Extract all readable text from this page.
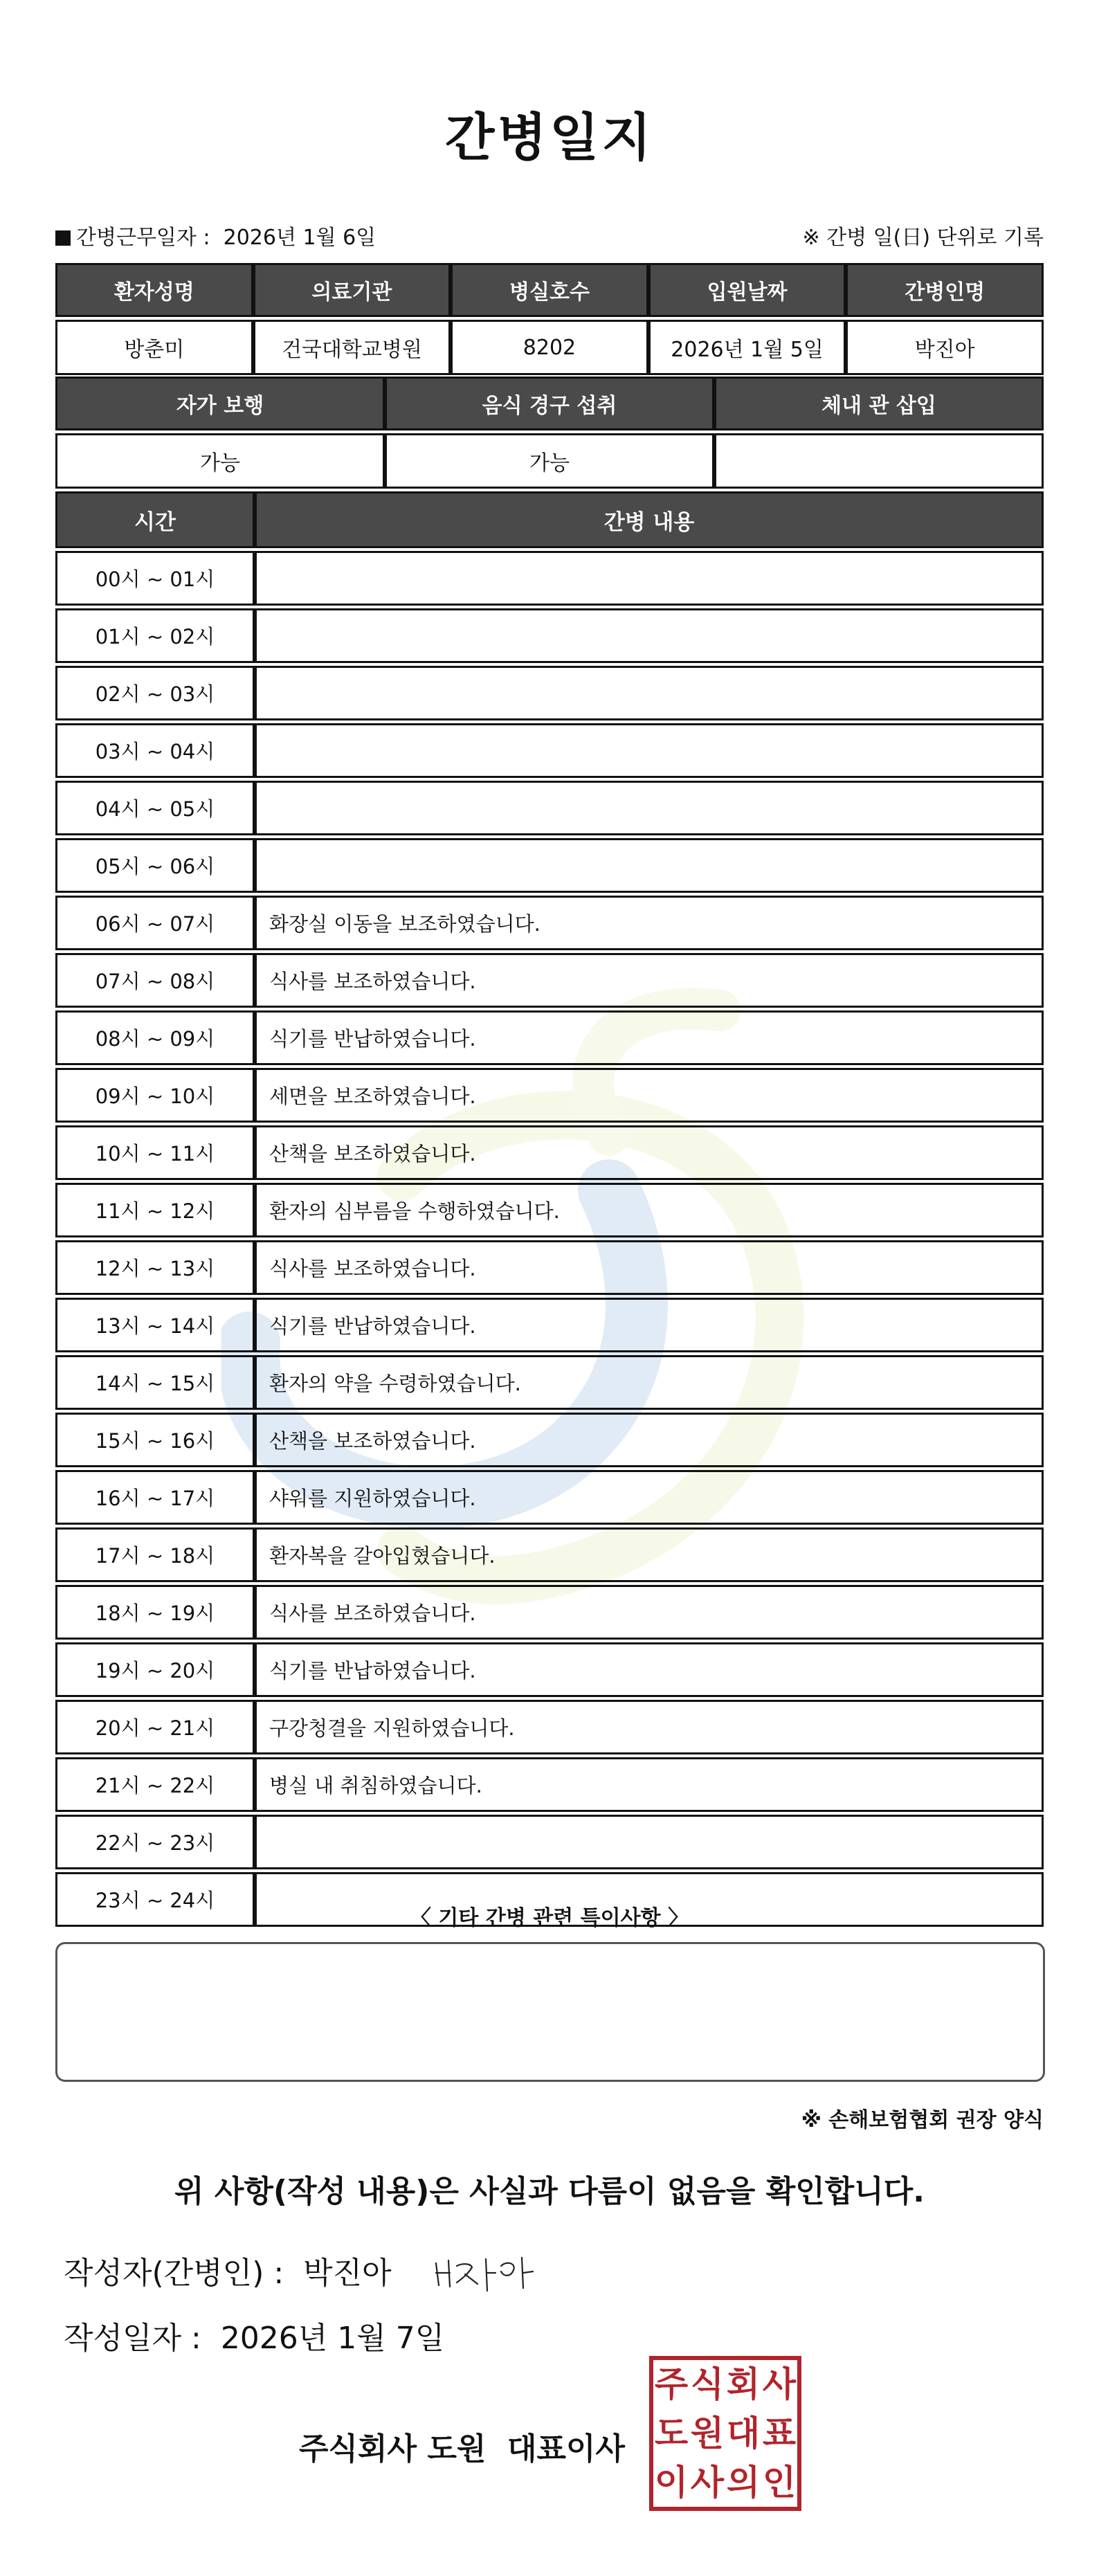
간병일지
간병근무일자 :  2026년 1월 6일	※ 간병 일(日) 단위로 기록
환자성명	의료기관	병실호수	입원날짜	간병인명
방춘미	건국대학교병원	8202	2026년 1월 5일	박진아
자가 보행	음식 경구 섭취	체내 관 삽입
가능	가능	
시간	간병 내용
00시 ~ 01시	
01시 ~ 02시	
02시 ~ 03시	
03시 ~ 04시	
04시 ~ 05시	
05시 ~ 06시	
06시 ~ 07시	화장실 이동을 보조하였습니다.
07시 ~ 08시	식사를 보조하였습니다.
08시 ~ 09시	식기를 반납하였습니다.
09시 ~ 10시	세면을 보조하였습니다.
10시 ~ 11시	산책을 보조하였습니다.
11시 ~ 12시	환자의 심부름을 수행하였습니다.
12시 ~ 13시	식사를 보조하였습니다.
13시 ~ 14시	식기를 반납하였습니다.
14시 ~ 15시	환자의 약을 수령하였습니다.
15시 ~ 16시	산책을 보조하였습니다.
16시 ~ 17시	샤워를 지원하였습니다.
17시 ~ 18시	환자복을 갈아입혔습니다.
18시 ~ 19시	식사를 보조하였습니다.
19시 ~ 20시	식기를 반납하였습니다.
20시 ~ 21시	구강청결을 지원하였습니다.
21시 ~ 22시	병실 내 취침하였습니다.
22시 ~ 23시	
23시 ~ 24시	
〈 기타 간병 관련 특이사항 〉
※ 손해보험협회 권장 양식
위 사항(작성 내용)은 사실과 다름이 없음을 확인합니다.
작성자(간병인) :  박진아
작성일자 :  2026년 1월 7일
주식회사 도원  대표이사
주 식 회 사
도 원 대 표
이 사 의 인
